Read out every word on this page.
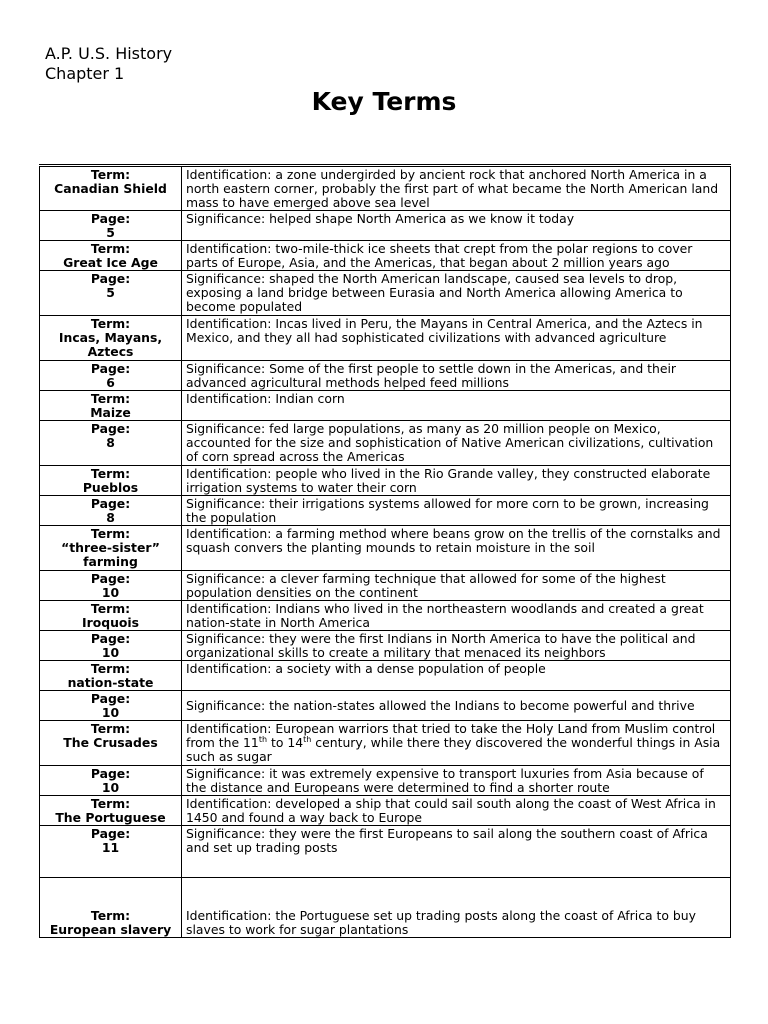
A.P. U.S. History
Chapter 1
Key Terms
Term:
Canadian Shield	Identification: a zone undergirded by ancient rock that anchored North America in a north eastern corner, probably the first part of what became the North American land mass to have emerged above sea level

Page:
5	Significance: helped shape North America as we know it today

Term:
Great Ice Age	Identification: two-mile-thick ice sheets that crept from the polar regions to cover parts of Europe, Asia, and the Americas, that began about 2 million years ago

Page:
5	Significance: shaped the North American landscape, caused sea levels to drop, exposing a land bridge between Eurasia and North America allowing America to become populated

Term:
Incas, Mayans, Aztecs	Identification: Incas lived in Peru, the Mayans in Central America, and the Aztecs in Mexico, and they all had sophisticated civilizations with advanced agriculture

Page:
6	Significance: Some of the first people to settle down in the Americas, and their advanced agricultural methods helped feed millions

Term:
Maize	Identification: Indian corn

Page:
8	Significance: fed large populations, as many as 20 million people on Mexico, accounted for the size and sophistication of Native American civilizations, cultivation of corn spread across the Americas

Term:
Pueblos	Identification: people who lived in the Rio Grande valley, they constructed elaborate irrigation systems to water their corn

Page:
8	Significance: their irrigations systems allowed for more corn to be grown, increasing the population

Term:
“three-sister” farming	Identification: a farming method where beans grow on the trellis of the cornstalks and squash convers the planting mounds to retain moisture in the soil

Page:
10	Significance: a clever farming technique that allowed for some of the highest population densities on the continent

Term:
Iroquois	Identification: Indians who lived in the northeastern woodlands and created a great nation-state in North America

Page:
10	Significance: they were the first Indians in North America to have the political and organizational skills to create a military that menaced its neighbors

Term:
nation-state	Identification: a society with a dense population of people

Page:
10	Significance: the nation-states allowed the Indians to become powerful and thrive

Term:
The Crusades	Identification: European warriors that tried to take the Holy Land from Muslim control from the 11th to 14th century, while there they discovered the wonderful things in Asia such as sugar

Page:
10	Significance: it was extremely expensive to transport luxuries from Asia because of the distance and Europeans were determined to find a shorter route

Term:
The Portuguese	Identification: developed a ship that could sail south along the coast of West Africa in 1450 and found a way back to Europe

Page:
11	Significance: they were the first Europeans to sail along the southern coast of Africa and set up trading posts

Term:
European slavery	Identification: the Portuguese set up trading posts along the coast of Africa to buy slaves to work for sugar plantations
